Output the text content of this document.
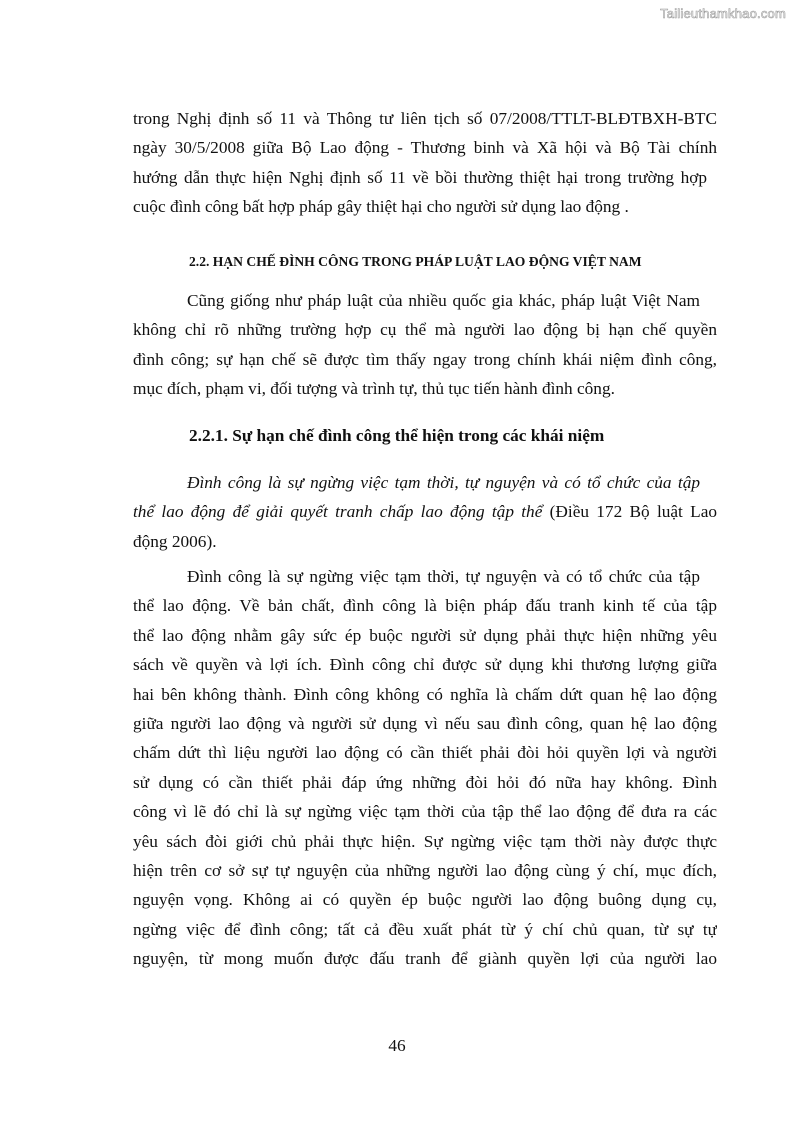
Tailieuthamkhao.com
trong Nghị định số 11 và Thông tư liên tịch số 07/2008/TTLT-BLĐTBXH-BTC
ngày 30/5/2008 giữa Bộ Lao động - Thương binh và Xã hội và Bộ Tài chính
hướng dẫn thực hiện Nghị định số 11 về bồi thường thiệt hại trong trường hợp
cuộc đình công bất hợp pháp gây thiệt hại cho người sử dụng lao động .

2.2. HẠN CHẾ ĐÌNH CÔNG TRONG PHÁP LUẬT LAO ĐỘNG VIỆT NAM

Cũng giống như pháp luật của nhiều quốc gia khác, pháp luật Việt Nam
không chỉ rõ những trường hợp cụ thể mà người lao động bị hạn chế quyền
đình công; sự hạn chế sẽ được tìm thấy ngay trong chính khái niệm đình công,
mục đích, phạm vi, đối tượng và trình tự, thủ tục tiến hành đình công.

2.2.1. Sự hạn chế đình công thể hiện trong các khái niệm

Đình công là sự ngừng việc tạm thời, tự nguyện và có tổ chức của tập
thể lao động để giải quyết tranh chấp lao động tập thể (Điều 172 Bộ luật Lao
động 2006).
Đình công là sự ngừng việc tạm thời, tự nguyện và có tổ chức của tập
thể lao động. Về bản chất, đình công là biện pháp đấu tranh kinh tế của tập
thể lao động nhằm gây sức ép buộc người sử dụng phải thực hiện những yêu
sách về quyền và lợi ích. Đình công chỉ được sử dụng khi thương lượng giữa
hai bên không thành. Đình công không có nghĩa là chấm dứt quan hệ lao động
giữa người lao động và người sử dụng vì nếu sau đình công, quan hệ lao động
chấm dứt thì liệu người lao động có cần thiết phải đòi hỏi quyền lợi và người
sử dụng có cần thiết phải đáp ứng những đòi hỏi đó nữa hay không. Đình
công vì lẽ đó chỉ là sự ngừng việc tạm thời của tập thể lao động để đưa ra các
yêu sách đòi giới chủ phải thực hiện. Sự ngừng việc tạm thời này được thực
hiện trên cơ sở sự tự nguyện của những người lao động cùng ý chí, mục đích,
nguyện vọng. Không ai có quyền ép buộc người lao động buông dụng cụ,
ngừng việc để đình công; tất cả đều xuất phát từ ý chí chủ quan, từ sự tự
nguyện, từ mong muốn được đấu tranh để giành quyền lợi của người lao
46
